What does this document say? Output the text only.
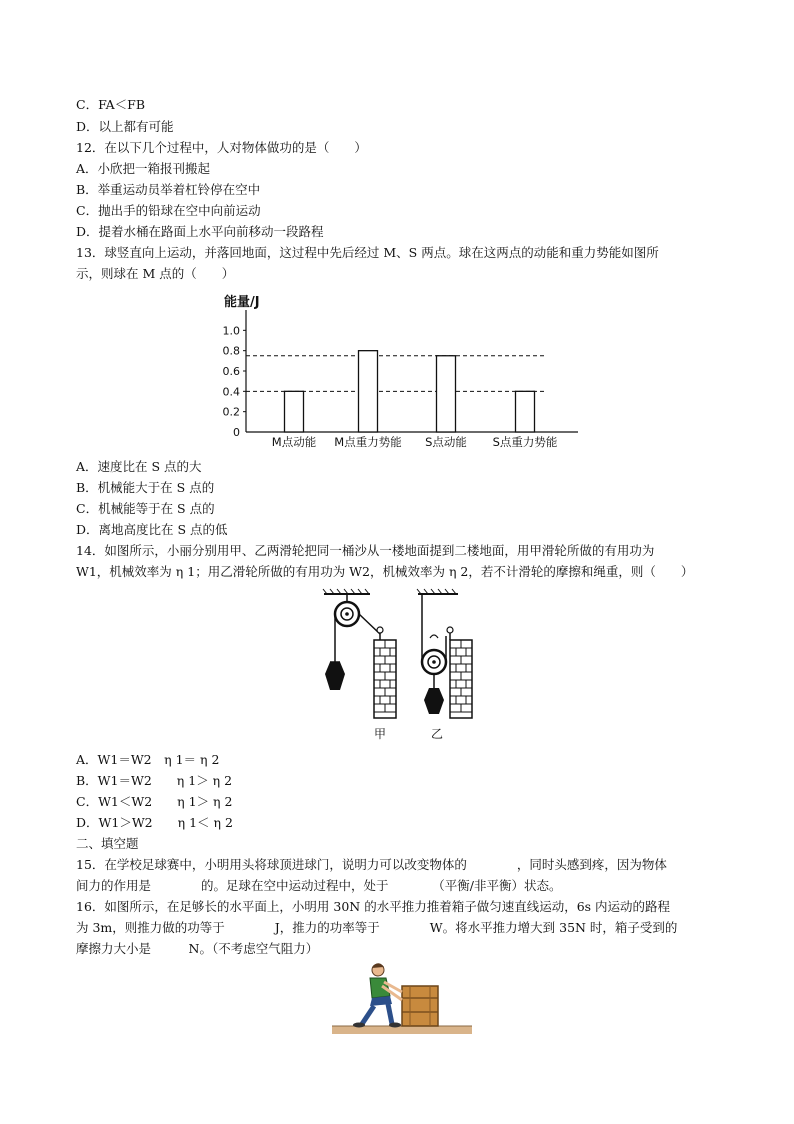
C．FA＜FB
D．以上都有可能
12．在以下几个过程中，人对物体做功的是（　　）
A．小欣把一箱报刊搬起
B．举重运动员举着杠铃停在空中
C．抛出手的铅球在空中向前运动
D．提着水桶在路面上水平向前移动一段路程
13．球竖直向上运动，并落回地面，这过程中先后经过 M、S 两点。球在这两点的动能和重力势能如图所
示，则球在 M 点的（　　）
能量/J
0
0.2
0.4
0.6
0.8
1.0
M点动能 M点重力势能 S点动能 S点重力势能
A．速度比在 S 点的大
B．机械能大于在 S 点的
C．机械能等于在 S 点的
D．离地高度比在 S 点的低
14．如图所示，小丽分别用甲、乙两滑轮把同一桶沙从一楼地面提到二楼地面，用甲滑轮所做的有用功为
W1，机械效率为 η 1；用乙滑轮所做的有用功为 W2，机械效率为 η 2，若不计滑轮的摩擦和绳重，则（　　）
甲	乙
A．W1＝W2　η 1＝ η 2
B．W1＝W2　　η 1＞ η 2
C．W1＜W2　　η 1＞ η 2
D．W1＞W2　　η 1＜ η 2
二、填空题
15．在学校足球赛中，小明用头将球顶进球门，说明力可以改变物体的　　　　，同时头感到疼，因为物体
间力的作用是　　　　的。足球在空中运动过程中，处于　　　　（平衡/非平衡）状态。
16．如图所示，在足够长的水平面上，小明用 30N 的水平推力推着箱子做匀速直线运动，6s 内运动的路程
为 3m，则推力做的功等于　　　　J，推力的功率等于　　　　W。将水平推力增大到 35N 时，箱子受到的
摩擦力大小是　　　N。（不考虑空气阻力）
